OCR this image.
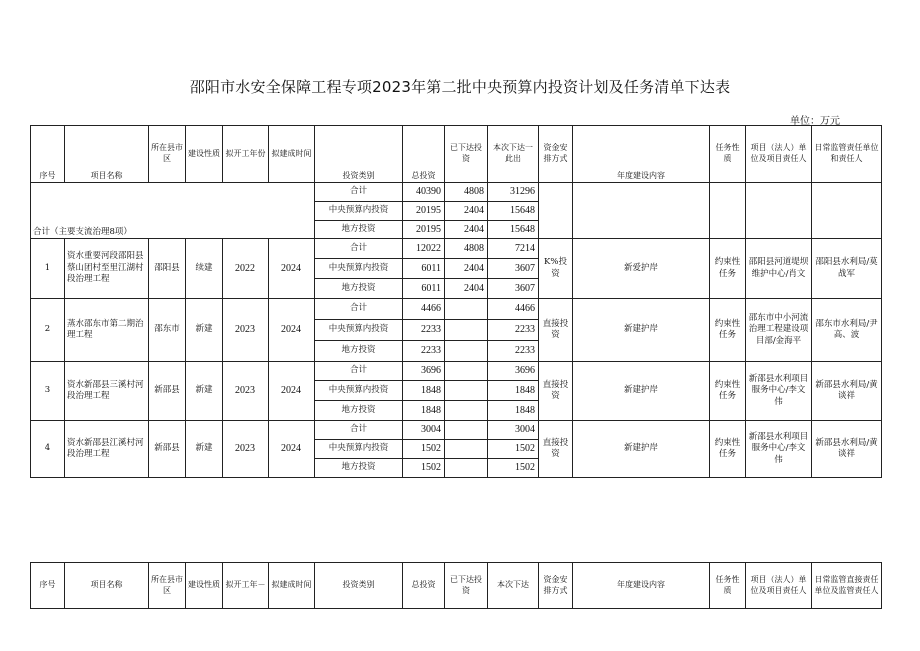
邵阳市水安全保障工程专项2023年第二批中央预算内投资计划及任务清单下达表
单位：万元
序号	项目名称	所在县市区	建设性质	拟开工年份	拟建成时间	投资类别	总投资	已下达投资	本次下达一此出	资金安排方式	年度建设内容	任务性质	项目（法人）单位及项目责任人	日常监管责任单位和责任人
合计（主要支流治理8项）						合计	40390	4808	31296					
						中央预算内投资	20195	2404	15648					
						地方投资	20195	2404	15648					
1	资水重要河段邵阳县蔡山团村至里江湖村段治理工程	邵阳县	续建	2022	2024	合计	12022	4808	7214	K%投资	新爱护岸	约束性任务	邵阳县河道堤坝维护中心/肖文	邵阳县水利局/莫战军
						中央预算内投资	6011	2404	3607					
						地方投资	6011	2404	3607					
2	蒸水邵东市第二期治理工程	邵东市	新建	2023	2024	合计	4466		4466	直接投资	新建护岸	约束性任务	邵东市中小河流治理工程建设项目部/金海平	邵东市水利局/尹高、波
						中央预算内投资	2233		2233					
						地方投资	2233		2233					
3	资水新邵县三溪村河段治理工程	新邵县	新建	2023	2024	合计	3696		3696	直接投资	新建护岸	约束性任务	新邵县水利项目服务中心/李文伟	新邵县水利局/黄谈祥
						中央预算内投资	1848		1848					
						地方投资	1848		1848					
4	资水新邵县江溪村河段治理工程	新邵县	新建	2023	2024	合计	3004		3004	直接投资	新建护岸	约束性任务	新邵县水利项目服务中心/李文伟	新邵县水利局/黄谈祥
						中央预算内投资	1502		1502					
						地方投资	1502		1502					
序号	项目名称	所在县市区	建设性质	拟开工年－	拟建成时间	投资类别	总投资	已下达投资	本次下达	资金安排方式	年度建设内容	任务性质	项目（法人）单位及项目责任人	日常监管直接责任单位及监管责任人
